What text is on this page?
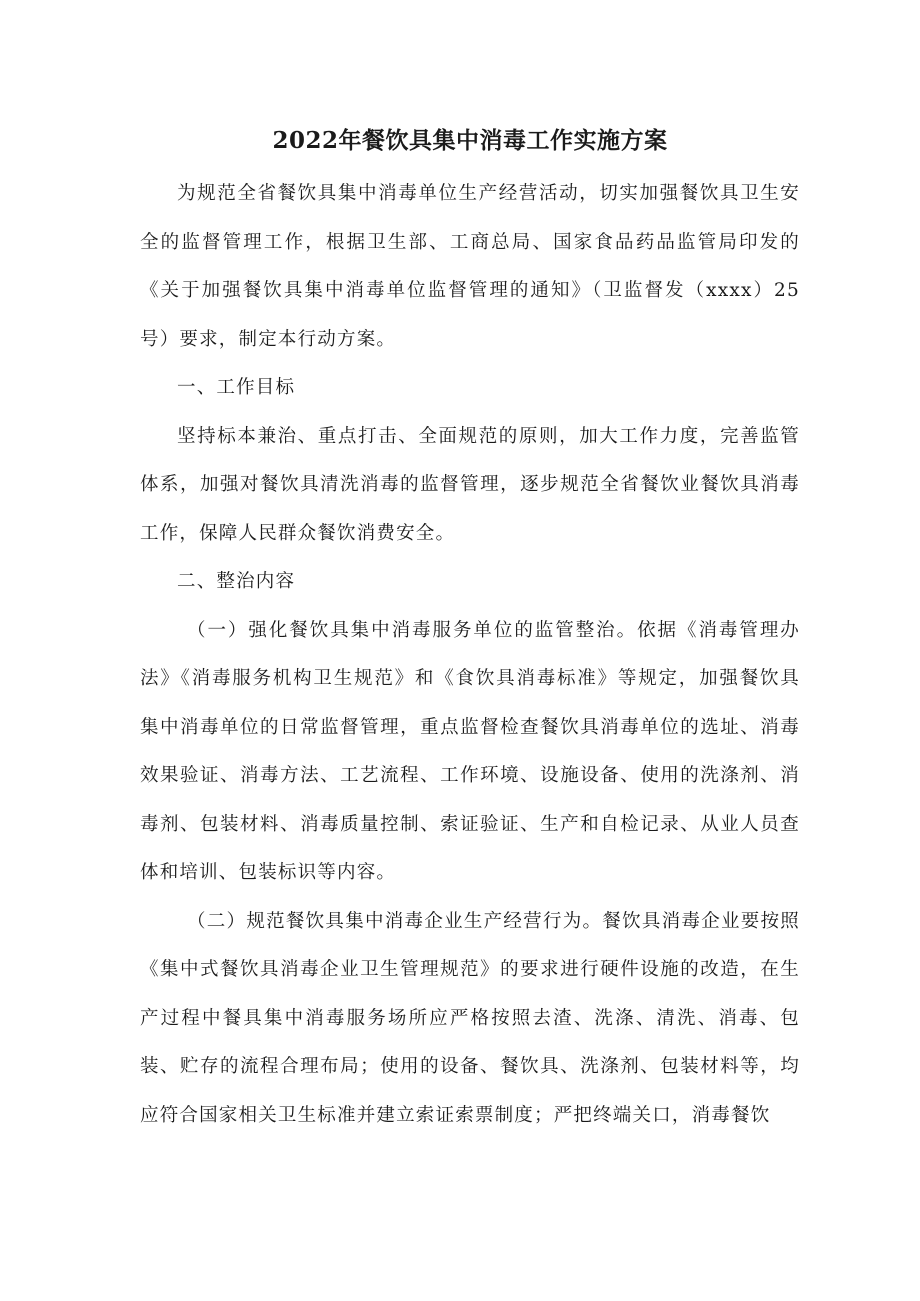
2022年餐饮具集中消毒工作实施方案

为规范全省餐饮具集中消毒单位生产经营活动，切实加强餐饮具卫生安全的监督管理工作，根据卫生部、工商总局、国家食品药品监管局印发的《关于加强餐饮具集中消毒单位监督管理的通知》（卫监督发（xxxx）25号）要求，制定本行动方案。

一、工作目标

坚持标本兼治、重点打击、全面规范的原则，加大工作力度，完善监管体系，加强对餐饮具清洗消毒的监督管理，逐步规范全省餐饮业餐饮具消毒工作，保障人民群众餐饮消费安全。

二、整治内容

（一）强化餐饮具集中消毒服务单位的监管整治。依据《消毒管理办法》《消毒服务机构卫生规范》和《食饮具消毒标准》等规定，加强餐饮具集中消毒单位的日常监督管理，重点监督检查餐饮具消毒单位的选址、消毒效果验证、消毒方法、工艺流程、工作环境、设施设备、使用的洗涤剂、消毒剂、包装材料、消毒质量控制、索证验证、生产和自检记录、从业人员查体和培训、包装标识等内容。

（二）规范餐饮具集中消毒企业生产经营行为。餐饮具消毒企业要按照《集中式餐饮具消毒企业卫生管理规范》的要求进行硬件设施的改造，在生产过程中餐具集中消毒服务场所应严格按照去渣、洗涤、清洗、消毒、包装、贮存的流程合理布局；使用的设备、餐饮具、洗涤剂、包装材料等，均应符合国家相关卫生标准并建立索证索票制度；严把终端关口，消毒餐饮
